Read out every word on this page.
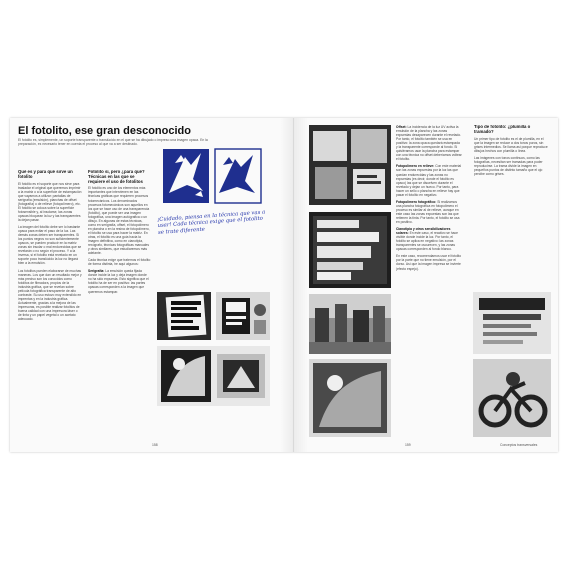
El fotolito, ese gran desconocido
El fotolito es, simplemente, un soporte transparente o translúcido en el que se ha dibujado o impreso una imagen opaca. En la preparación, es necesario tener en cuenta el proceso al que va a ser destinado.
Qué es y para qué sirve un fotolito

El fotolito es el soporte que nos sirve para trasladar el original que queremos imprimir a la matriz o a la superficie de estampación que vayamos a utilizar: pantallas de serigrafía (emulsión), planchas de offset (fotografía) o de relieve (fotopolímero), etc. El fotolito se coloca sobre la superficie fotosensible y, al insolarse, las zonas opacas bloquean la luz y las transparentes la dejan pasar.

La imagen del fotolito debe ser lo bastante opaca para evitar el paso de la luz. Las demás zonas deben ser transparentes. Si los puntos negros no son suficientemente opacos, se pueden producir en la matriz zonas sin insolar o mal endurecidas que se revelarán o no según el proceso. Y a la inversa, si el fotolito está revelado en un soporte poco translúcido la luz no llegará bien a la emulsión.

Los fotolitos pueden elaborarse de muchas maneras. Los que dan un resultado mejor y más preciso son los conocidos como fotolitos de filmadora, propios de la industria gráfica, que se revelan sobre película fotográfica transparente de alto contraste. Su uso estuvo muy extendido en imprentas y en la industria gráfica. Actualmente, gracias a la mejora de las impresoras, es posible realizar fotolitos de buena calidad con una impresora láser o de tinta y un papel vegetal o un acetato adecuado.

Fotolito sí, pero ¿para qué? Técnicas en las que se requiere el uso de fotolitos

El fotolito es uno de los elementos más importantes que intervienen en las técnicas gráficas que requieren procesos fotomecánicos. Los denominados procesos fotomecánicos son aquellos en los que se hace uso de una transparencia (fotolito), que puede ser una imagen fotográfica, una imagen autógrafica o un dibujo. En algunas de estas técnicas, como en serigrafía, offset, el fotopolímero en plancha o en la resina de fotopolímero, el fotolito se usa para hacer la matriz. En otras, el fotolito es una guía hacia la imagen definitiva, como en cianotipia, rexógrafo, técnicas fotográficas manuales y otros similares, que estudiaremos más adelante.

Cada técnica exige que tratemos el fotolito de forma distinta, he aquí algunos:

Serigrafía: La emulsión queda fijada donde incide la luz y deja imagen donde no ha sido expuesta. Esto significa que el fotolito ha de ser en positivo: las partes opacas corresponden a la imagen que queremos estampar.

¡Cuidado, piensa en la técnica que vas a usar! Cada técnica exige que el fotolito se trate diferente
158

Offset: La incidencia de la luz UV activa la emulsión de la plancha y las zonas expuestas desaparecen durante el revelado. Por tanto, el fotolito también se usa en positivo: la zona opaca quedará estampada y la transparente corresponde al fondo. Si quisiéramos usar la plancha para estampar con una técnica no offset deberíamos voltear el fotolito.

Fotopolímero en relieve: Con este material son las zonas expuestas por la luz las que quedan endurecidas y las zonas no expuestas (es decir, donde el fotolito es opaco) las que se disuelven durante el revelado y dejan un hueco. Por tanto, para hacer un sello o plancha en relieve hay que pasar el fotolito en negativo.

Fotopolímero fotográfico: Si realizamos una plancha fotográfica en fotopolímero el proceso es similar al de relieve, aunque en este caso las zonas expuestas son las que retienen la tinta. Por tanto, el fotolito se usa en positivo.

Cianotipia y otros sensibilizadores solares: En este caso, el reactivo se hace visible donde incide la luz. Por tanto, el fotolito se aplica en negativo: las zonas transparentes se oscurecen, y las zonas opacas corresponden al fondo blanco.

En este caso, recomendamos usar el fotolito por la parte que no tiene emulsión, por el dorso. Así que la imagen impresa se invierte (efecto espejo).

Tipo de fotolito: ¿plumilla o tramado?

Un primer tipo de fotolito es el de plumilla, en el que la imagen se reduce a dos tonos puros, sin grises intermedios. Se llama así porque reproduce dibujos hechos con plumilla o línea.

Las imágenes con tonos continuos, como las fotografías, necesitan ser tramadas para poder reproducirse. La trama divide la imagen en pequeños puntos de distinto tamaño que el ojo percibe como grises.

159	Conceptos transversales
